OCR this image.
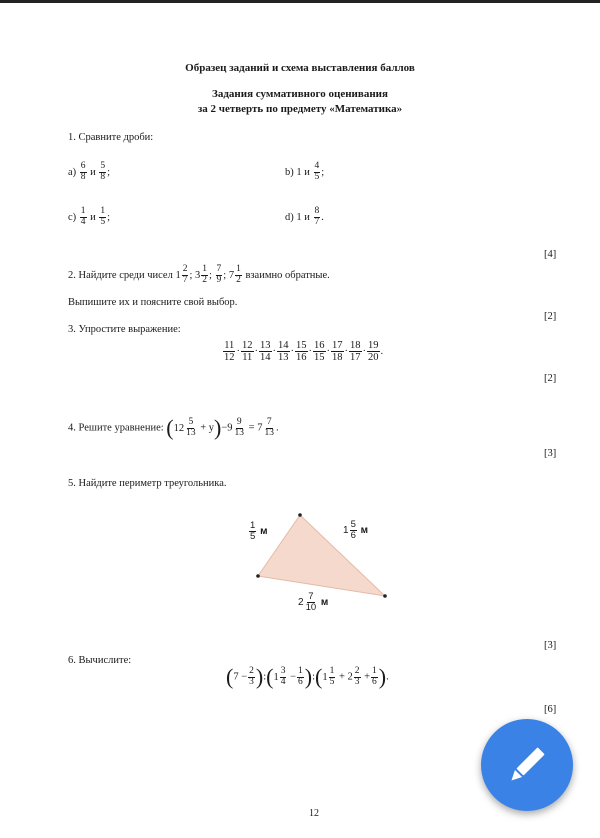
Образец заданий и схема выставления баллов
Задания суммативного оценивания
за 2 четверть по предмету «Математика»
1. Сравните дроби:
$a) \frac{6}{8}$ и $\frac{5}{8}$ ;	b) 1 и $\frac{4}{5}$ ;
$c) \frac{1}{4}$ и $\frac{1}{5}$ ;	d) 1 и $\frac{8}{7}$ .
[4]
2. Найдите среди чисел $1 \frac{2}{7}$ ; $3 \frac{1}{2}$ ; $\frac{7}{9}$ ; $7 \frac{1}{2}$ взаимно обратные.
Выпишите их и поясните свой выбор.
[2]
3. Упростите выражение:
$\frac{11}{12} \cdot \frac{12}{11} \cdot \frac{13}{14} \cdot \frac{14}{13} \cdot \frac{15}{16} \cdot \frac{16}{15} \cdot \frac{17}{18} \cdot \frac{18}{17} \cdot \frac{19}{20}$ .
[2]
4. Решите уравнение: ( $12 \frac{5}{13} + y)-9 \frac{9}{13} = 7 \frac{7}{13}$ .
[3]
5. Найдите периметр треугольника.
$\frac{1}{5}$ м	$1 \frac{5}{6}$ м
$2 \frac{7}{10}$ м
[3]
6. Вычислите:
($7 - \frac{2}{3}$ ):( $1 \frac{3}{4} - \frac{1}{6}$ ):( $1 \frac{1}{5} + 2 \frac{2}{3} + \frac{1}{6}$ ).
[6]
12
